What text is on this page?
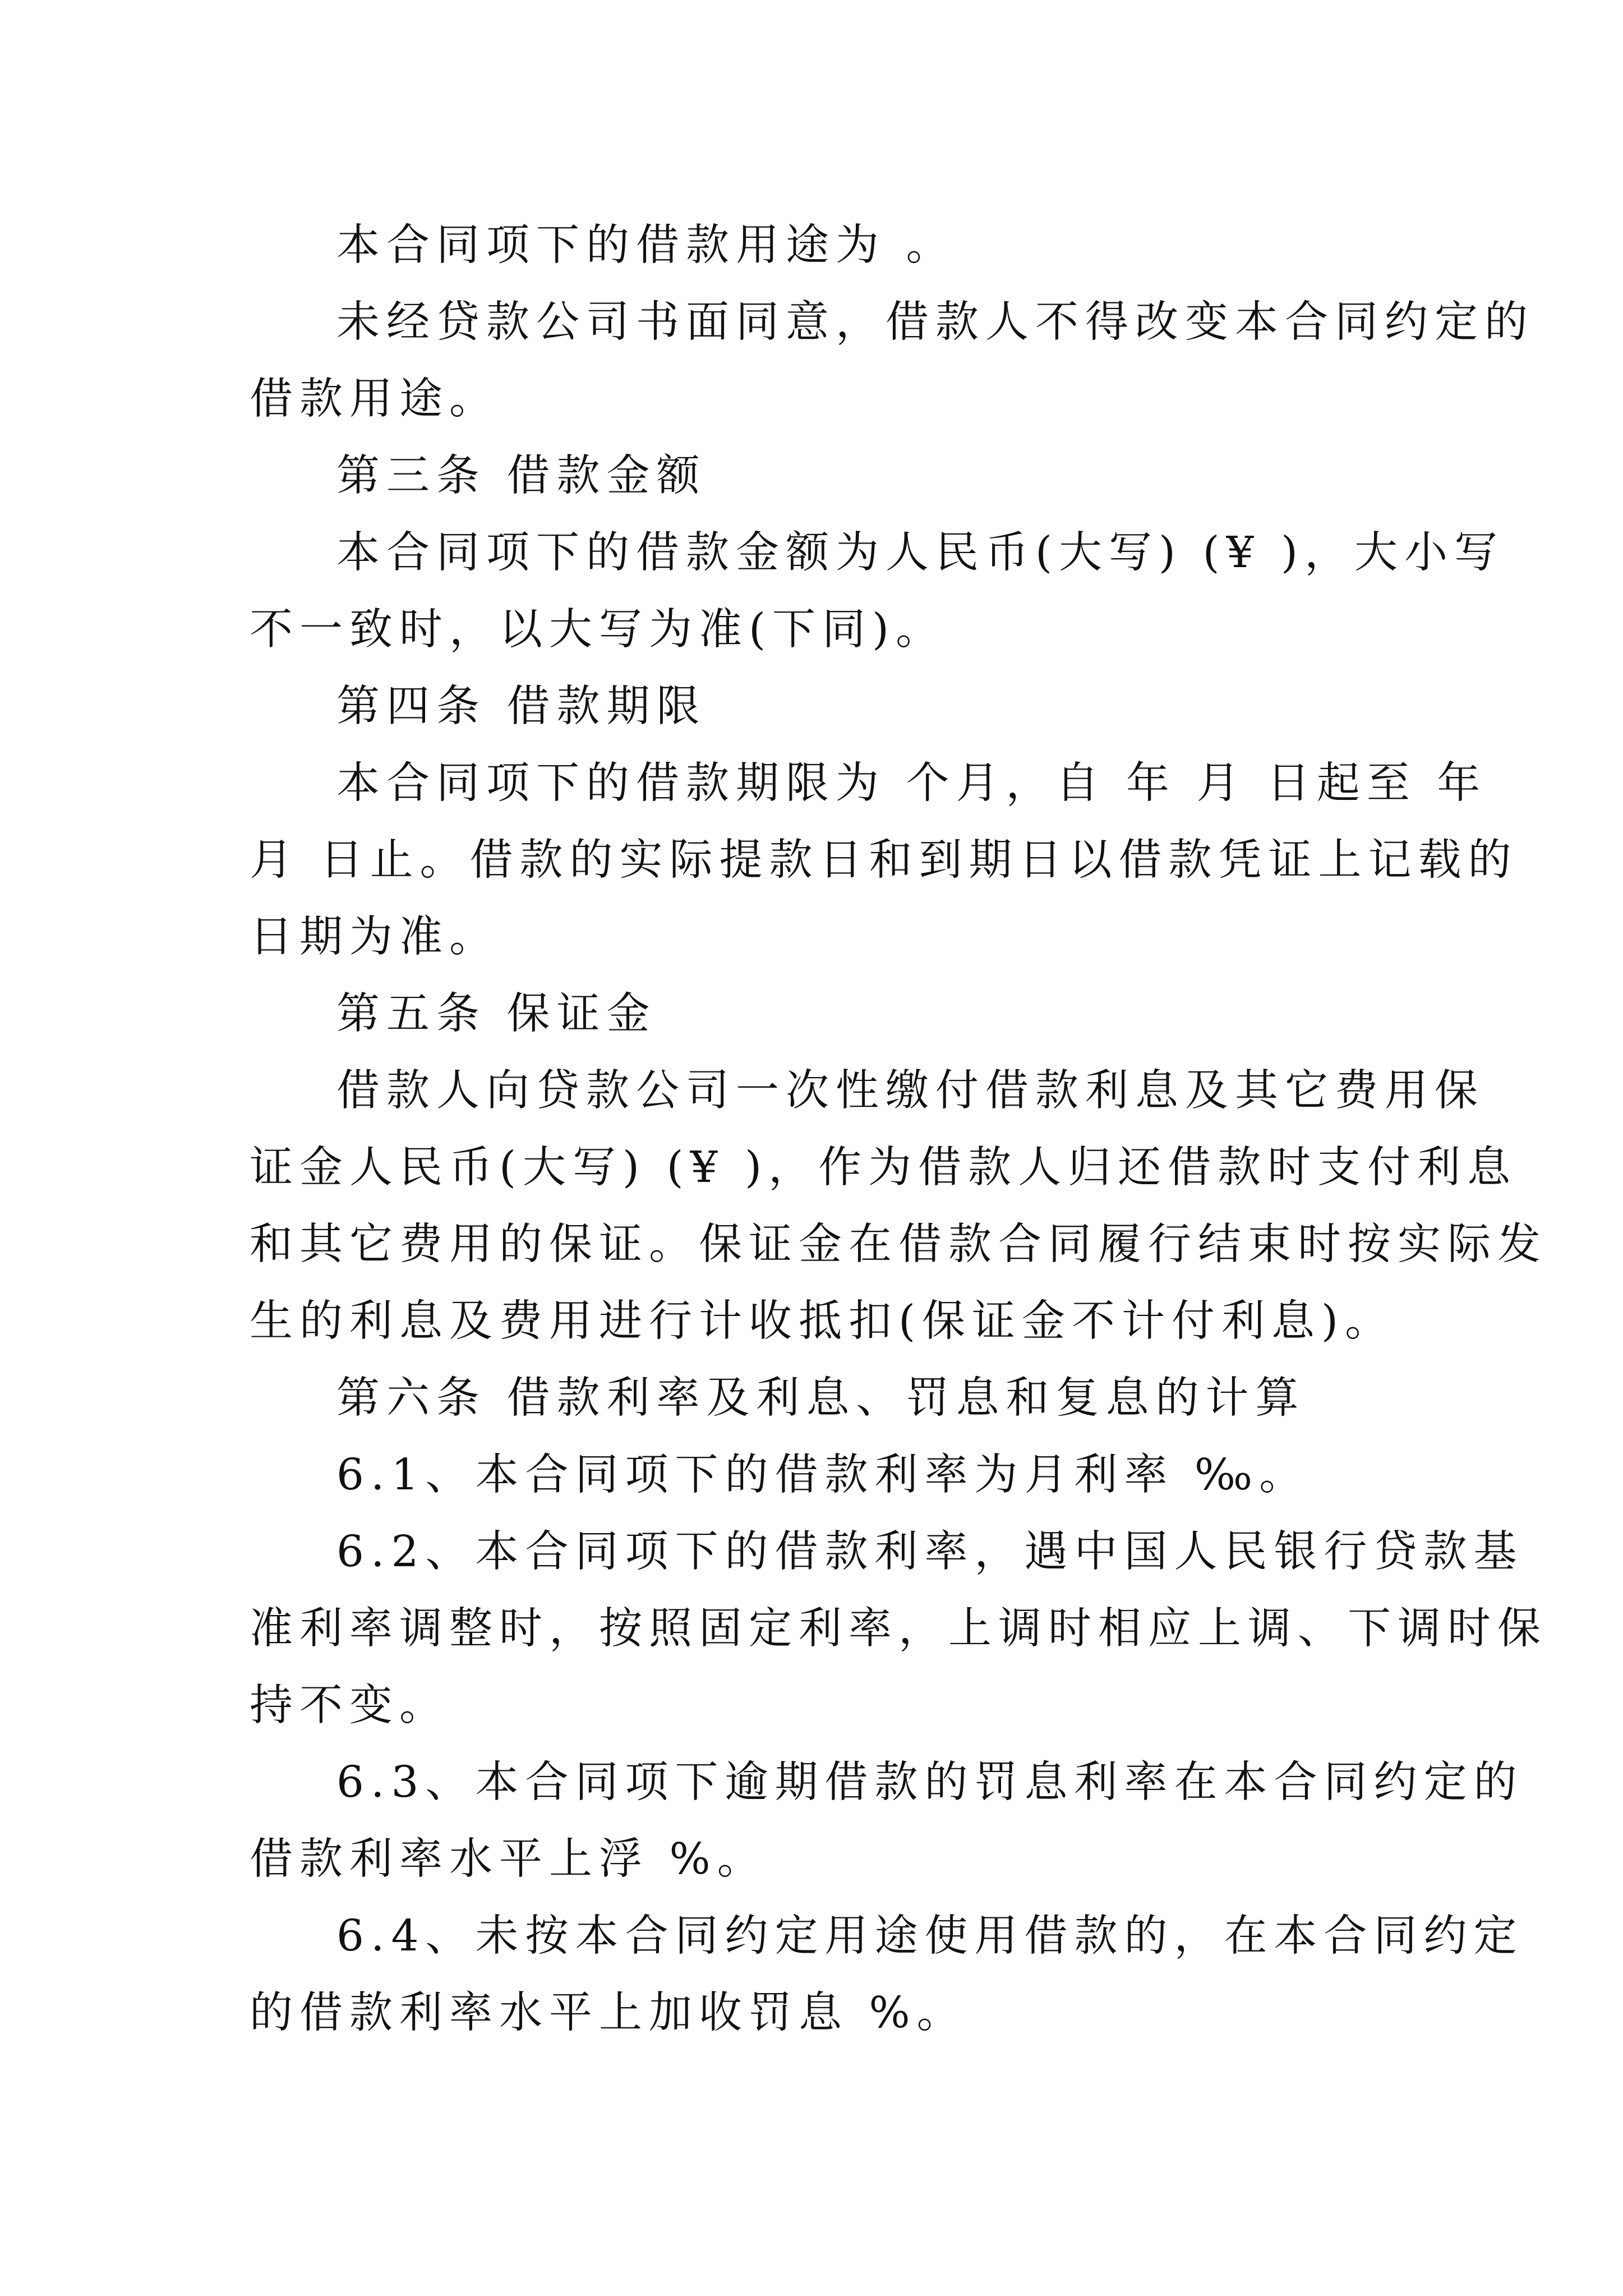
本合同项下的借款用途为 。
未经贷款公司书面同意，借款人不得改变本合同约定的
借款用途。
第三条 借款金额
本合同项下的借款金额为人民币(大写) (¥ )，大小写
不一致时，以大写为准(下同)。
第四条 借款期限
本合同项下的借款期限为 个月，自 年 月 日起至 年
月 日止。借款的实际提款日和到期日以借款凭证上记载的
日期为准。
第五条 保证金
借款人向贷款公司一次性缴付借款利息及其它费用保
证金人民币(大写) (¥ )，作为借款人归还借款时支付利息
和其它费用的保证。保证金在借款合同履行结束时按实际发
生的利息及费用进行计收抵扣(保证金不计付利息)。
第六条 借款利率及利息、罚息和复息的计算
6.1、本合同项下的借款利率为月利率 ‰。
6.2、本合同项下的借款利率，遇中国人民银行贷款基
准利率调整时，按照固定利率，上调时相应上调、下调时保
持不变。
6.3、本合同项下逾期借款的罚息利率在本合同约定的
借款利率水平上浮 %。
6.4、未按本合同约定用途使用借款的，在本合同约定
的借款利率水平上加收罚息 %。
